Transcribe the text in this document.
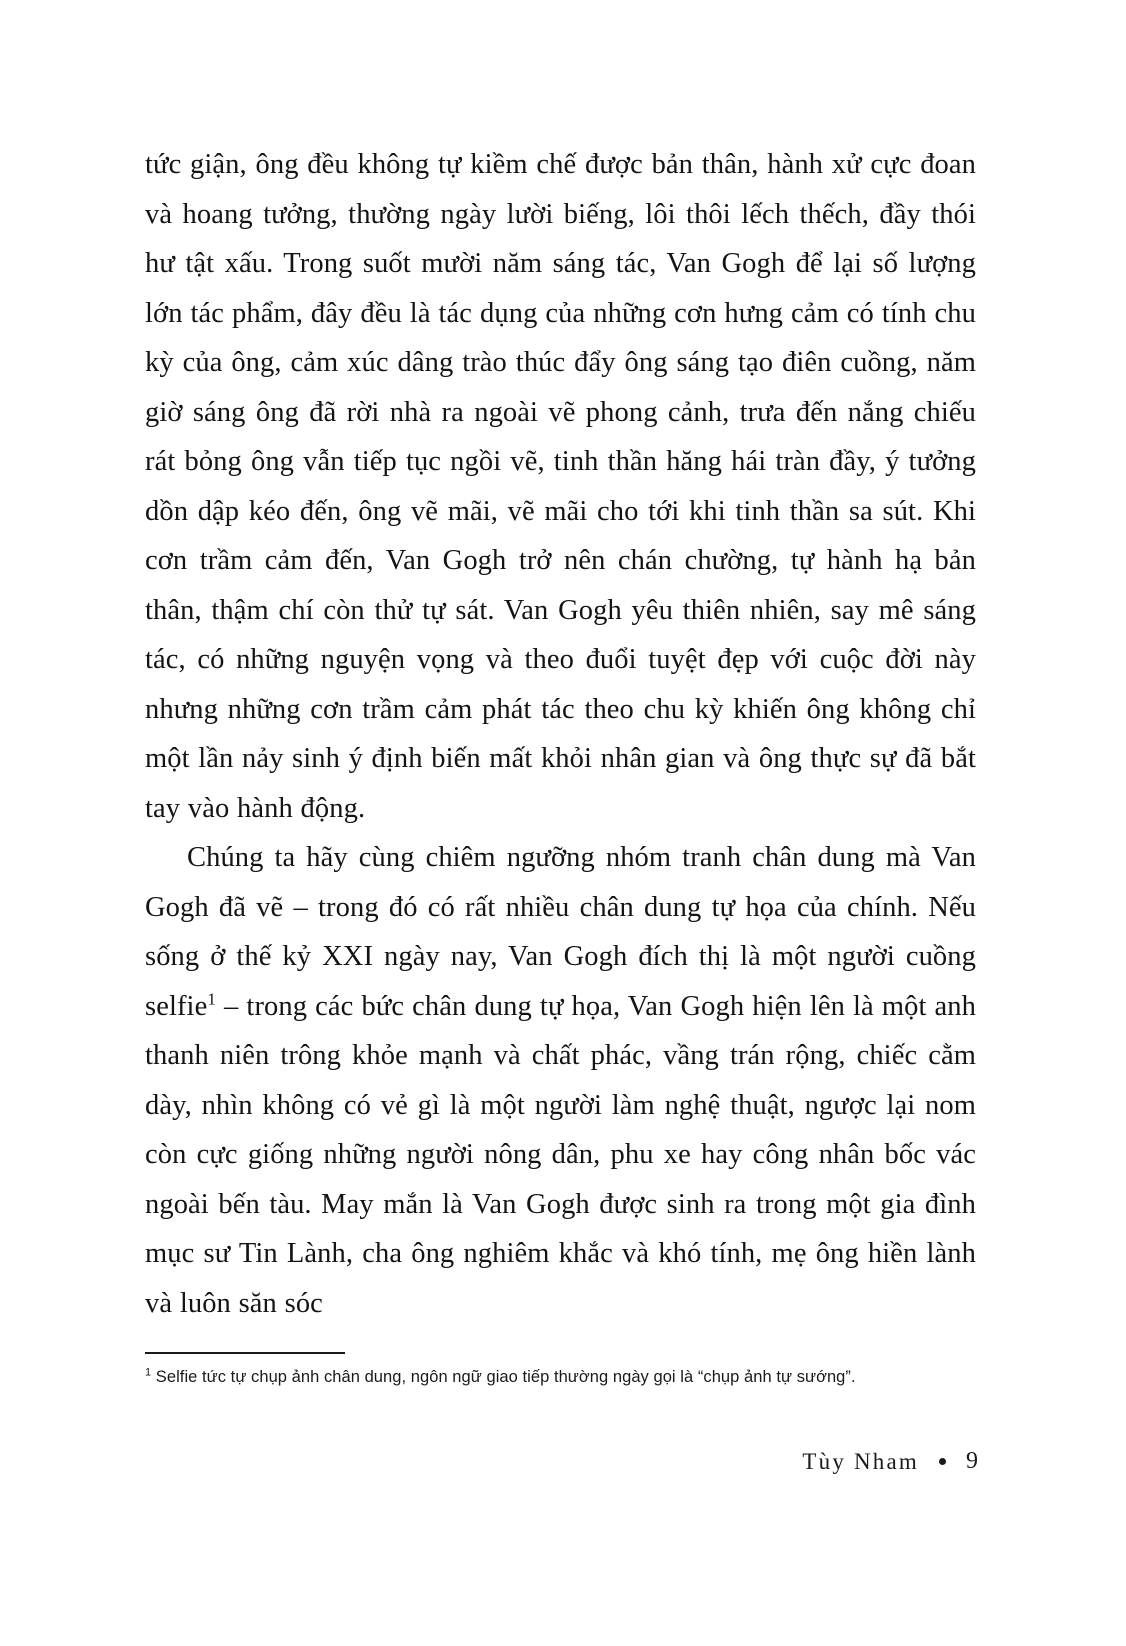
tức giận, ông đều không tự kiềm chế được bản thân, hành xử cực đoan và hoang tưởng, thường ngày lười biếng, lôi thôi lếch thếch, đầy thói hư tật xấu. Trong suốt mười năm sáng tác, Van Gogh để lại số lượng lớn tác phẩm, đây đều là tác dụng của những cơn hưng cảm có tính chu kỳ của ông, cảm xúc dâng trào thúc đẩy ông sáng tạo điên cuồng, năm giờ sáng ông đã rời nhà ra ngoài vẽ phong cảnh, trưa đến nắng chiếu rát bỏng ông vẫn tiếp tục ngồi vẽ, tinh thần hăng hái tràn đầy, ý tưởng dồn dập kéo đến, ông vẽ mãi, vẽ mãi cho tới khi tinh thần sa sút. Khi cơn trầm cảm đến, Van Gogh trở nên chán chường, tự hành hạ bản thân, thậm chí còn thử tự sát. Van Gogh yêu thiên nhiên, say mê sáng tác, có những nguyện vọng và theo đuổi tuyệt đẹp với cuộc đời này nhưng những cơn trầm cảm phát tác theo chu kỳ khiến ông không chỉ một lần nảy sinh ý định biến mất khỏi nhân gian và ông thực sự đã bắt tay vào hành động.

Chúng ta hãy cùng chiêm ngưỡng nhóm tranh chân dung mà Van Gogh đã vẽ – trong đó có rất nhiều chân dung tự họa của chính. Nếu sống ở thế kỷ XXI ngày nay, Van Gogh đích thị là một người cuồng selfie$^1$ – trong các bức chân dung tự họa, Van Gogh hiện lên là một anh thanh niên trông khỏe mạnh và chất phác, vầng trán rộng, chiếc cằm dày, nhìn không có vẻ gì là một người làm nghệ thuật, ngược lại nom còn cực giống những người nông dân, phu xe hay công nhân bốc vác ngoài bến tàu. May mắn là Van Gogh được sinh ra trong một gia đình mục sư Tin Lành, cha ông nghiêm khắc và khó tính, mẹ ông hiền lành và luôn săn sóc

$^1$ Selfie tức tự chụp ảnh chân dung, ngôn ngữ giao tiếp thường ngày gọi là “chụp ảnh tự sướng”.
Tùy Nham 9
